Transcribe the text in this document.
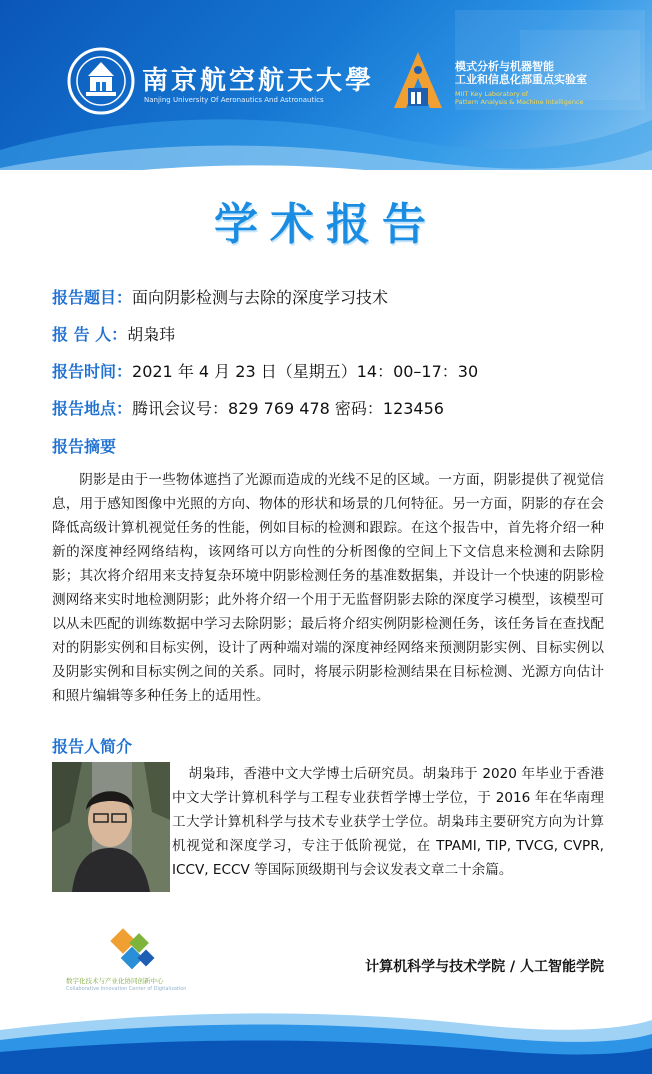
南京航空航天大學
Nanjing University Of Aeronautics And Astronautics
模式分析与机器智能
工业和信息化部重点实验室
MIIT Key Laboratory of
Pattern Analysis & Machine Intelligence
学术报告
报告题目：面向阴影检测与去除的深度学习技术
报 告 人：胡枭玮
报告时间：2021 年 4 月 23 日（星期五）14：00–17：30
报告地点：腾讯会议号：829 769 478 密码：123456
报告摘要
阴影是由于一些物体遮挡了光源而造成的光线不足的区域。一方面，阴影提供了视觉信息，用于感知图像中光照的方向、物体的形状和场景的几何特征。另一方面，阴影的存在会降低高级计算机视觉任务的性能，例如目标的检测和跟踪。在这个报告中，首先将介绍一种新的深度神经网络结构，该网络可以方向性的分析图像的空间上下文信息来检测和去除阴影；其次将介绍用来支持复杂环境中阴影检测任务的基准数据集，并设计一个快速的阴影检测网络来实时地检测阴影；此外将介绍一个用于无监督阴影去除的深度学习模型，该模型可以从未匹配的训练数据中学习去除阴影；最后将介绍实例阴影检测任务，该任务旨在查找配对的阴影实例和目标实例，设计了两种端对端的深度神经网络来预测阴影实例、目标实例以及阴影实例和目标实例之间的关系。同时，将展示阴影检测结果在目标检测、光源方向估计和照片编辑等多种任务上的适用性。
报告人简介

胡枭玮，香港中文大学博士后研究员。胡枭玮于 2020 年毕业于香港中文大学计算机科学与工程专业获哲学博士学位，于 2016 年在华南理工大学计算机科学与技术专业获学士学位。胡枭玮主要研究方向为计算机视觉和深度学习，专注于低阶视觉，在 TPAMI, TIP, TVCG, CVPR, ICCV, ECCV 等国际顶级期刊与会议发表文章二十余篇。

数字化技术与产业化协同创新中心
Collaborative Innovation Center of Digitalization
计算机科学与技术学院 / 人工智能学院
